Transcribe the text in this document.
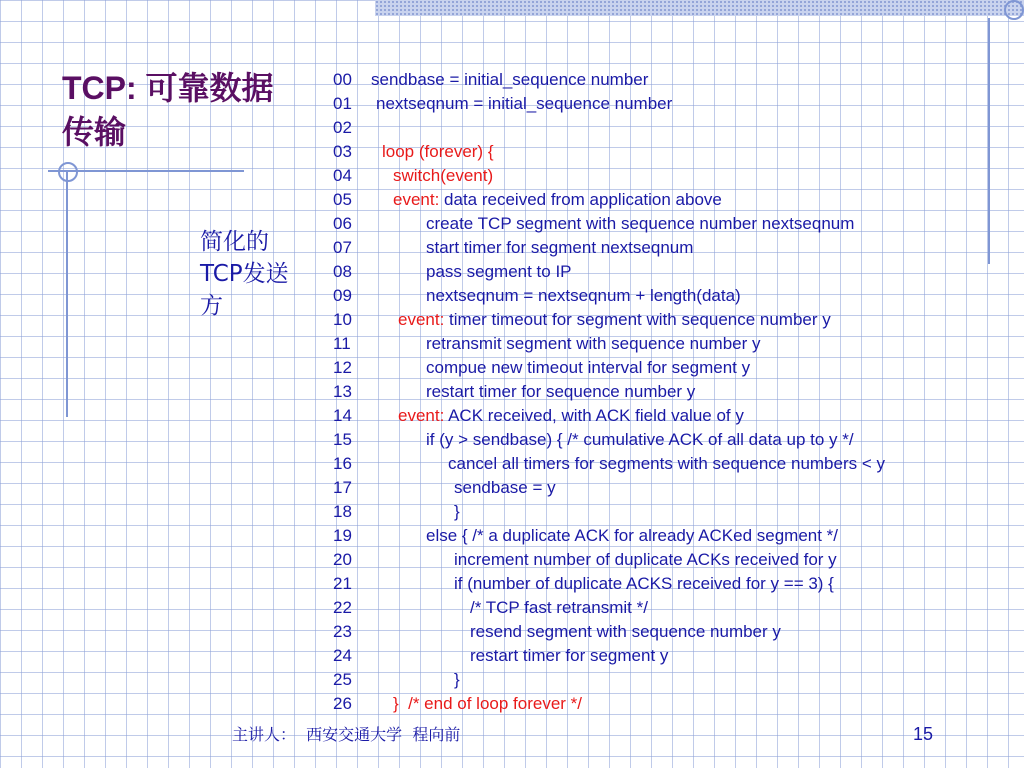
TCP: 可靠数据传输
简化的TCP发送方
00 sendbase = initial_sequence number
01 nextseqnum = initial_sequence number
02
03 loop (forever) {
04 switch(event)
05 event: data received from application above
06	create TCP segment with sequence number nextseqnum
07	start timer for segment nextseqnum
08	pass segment to IP
09	nextseqnum = nextseqnum + length(data)
10	event: timer timeout for segment with sequence number y
11	retransmit segment with sequence number y
12	compue new timeout interval for segment y
13	restart timer for sequence number y
14	event: ACK received, with ACK field value of y
15	if (y > sendbase) { /* cumulative ACK of all data up to y */
16	cancel all timers for segments with sequence numbers < y
17	sendbase = y
18	}
19	else { /* a duplicate ACK for already ACKed segment */
20	increment number of duplicate ACKs received for y
21	if (number of duplicate ACKS received for y == 3) {
22	/* TCP fast retransmit */
23	resend segment with sequence number y
24	restart timer for segment y
25	}
26 }  /* end of loop forever */
主讲人：  西安交通大学  程向前	15
